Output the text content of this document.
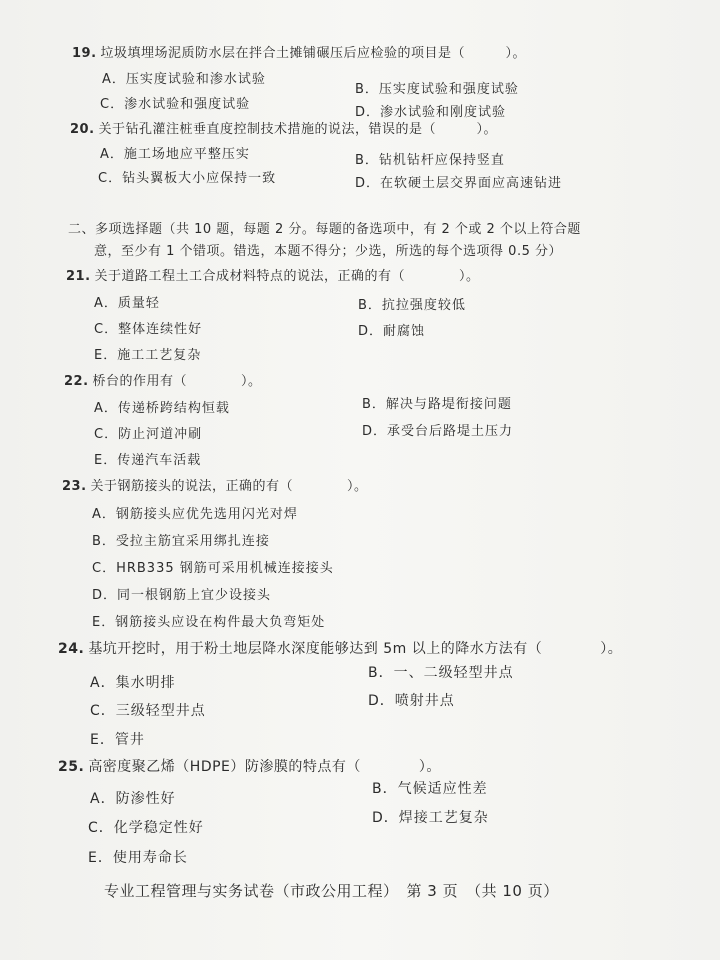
19. 垃圾填埋场泥质防水层在拌合土摊铺碾压后应检验的项目是（　　　）。
A．压实度试验和渗水试验
B．压实度试验和强度试验
C．渗水试验和强度试验
D．渗水试验和刚度试验
20. 关于钻孔灌注桩垂直度控制技术措施的说法，错误的是（　　　）。
A．施工场地应平整压实	B．钻机钻杆应保持竖直
C．钻头翼板大小应保持一致	D．在软硬土层交界面应高速钻进
二、多项选择题（共 10 题，每题 2 分。每题的备选项中，有 2 个或 2 个以上符合题
意，至少有 1 个错项。错选，本题不得分；少选，所选的每个选项得 0.5 分）
21. 关于道路工程土工合成材料特点的说法，正确的有（　　　　）。
A．质量轻	B．抗拉强度较低
C．整体连续性好	D．耐腐蚀
E．施工工艺复杂
22. 桥台的作用有（　　　　）。
A．传递桥跨结构恒载	B．解决与路堤衔接问题
C．防止河道冲刷	D．承受台后路堤土压力
E．传递汽车活载
23. 关于钢筋接头的说法，正确的有（　　　　）。
A．钢筋接头应优先选用闪光对焊
B．受拉主筋宜采用绑扎连接
C．HRB335 钢筋可采用机械连接接头
D．同一根钢筋上宜少设接头
E．钢筋接头应设在构件最大负弯矩处
24. 基坑开挖时，用于粉土地层降水深度能够达到 5m 以上的降水方法有（　　　　）。
A．集水明排
B．一、二级轻型井点
C．三级轻型井点
D．喷射井点
E．管井
25. 高密度聚乙烯（HDPE）防渗膜的特点有（　　　　）。
A．防渗性好
B．气候适应性差
C．化学稳定性好
D．焊接工艺复杂
E．使用寿命长
专业工程管理与实务试卷（市政公用工程）　第 3 页　（共 10 页）
